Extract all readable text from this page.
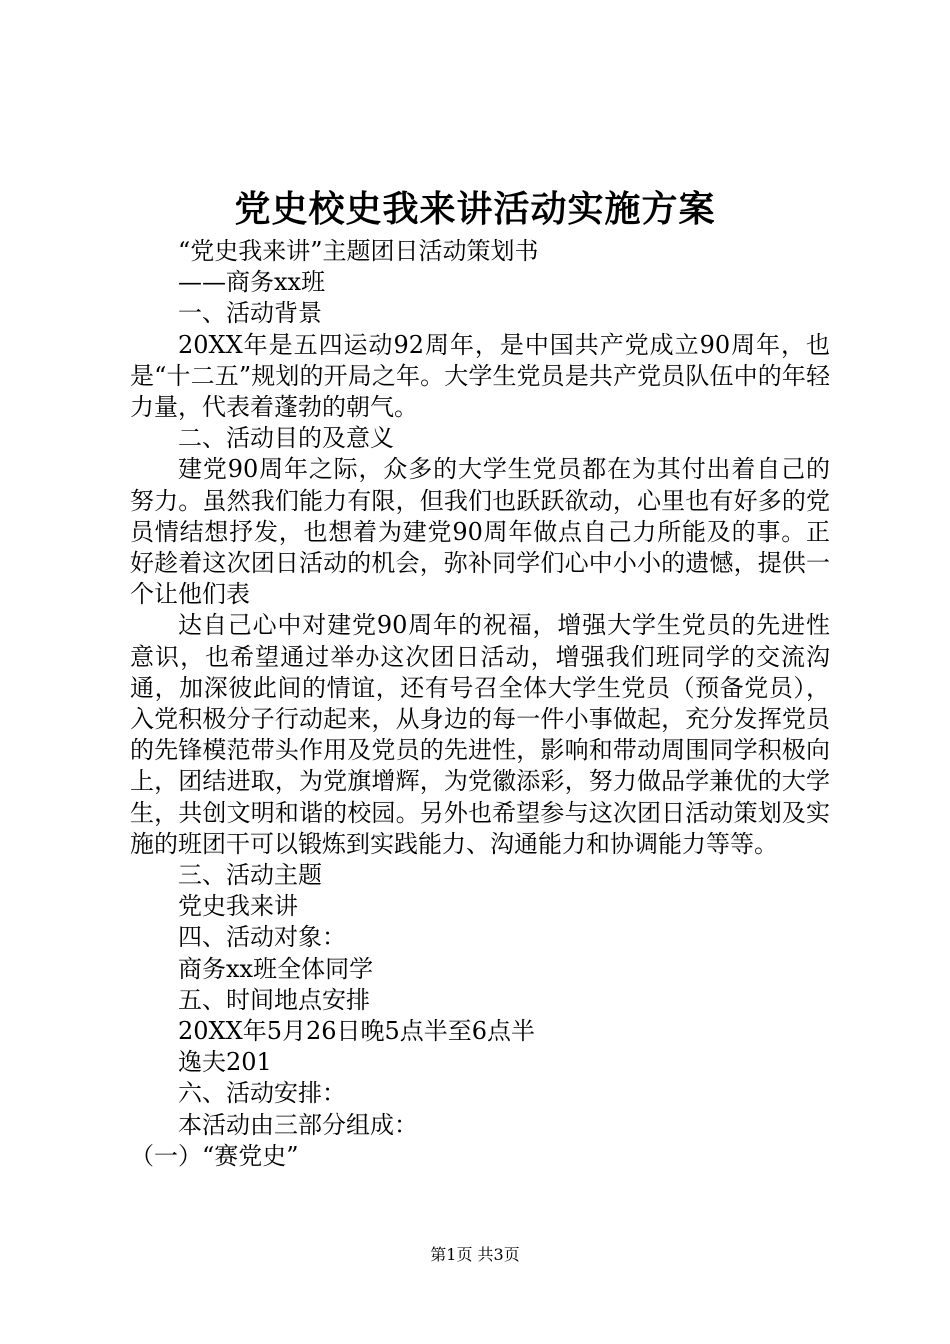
党史校史我来讲活动实施方案

“党史我来讲”主题团日活动策划书

——商务xx班

一、活动背景

20XX年是五四运动92周年，是中国共产党成立90周年，也是“十二五”规划的开局之年。大学生党员是共产党员队伍中的年轻力量，代表着蓬勃的朝气。

二、活动目的及意义

建党90周年之际，众多的大学生党员都在为其付出着自己的努力。虽然我们能力有限，但我们也跃跃欲动，心里也有好多的党员情结想抒发，也想着为建党90周年做点自己力所能及的事。正好趁着这次团日活动的机会，弥补同学们心中小小的遗憾，提供一个让他们表

达自己心中对建党90周年的祝福，增强大学生党员的先进性意识，也希望通过举办这次团日活动，增强我们班同学的交流沟通，加深彼此间的情谊，还有号召全体大学生党员（预备党员），入党积极分子行动起来，从身边的每一件小事做起，充分发挥党员的先锋模范带头作用及党员的先进性，影响和带动周围同学积极向上，团结进取，为党旗增辉，为党徽添彩，努力做品学兼优的大学生，共创文明和谐的校园。另外也希望参与这次团日活动策划及实施的班团干可以锻炼到实践能力、沟通能力和协调能力等等。

三、活动主题

党史我来讲

四、活动对象：

商务xx班全体同学

五、时间地点安排

20XX年5月26日晚5点半至6点半

逸夫201

六、活动安排：

本活动由三部分组成：

（一）“赛党史”

第1页 共3页
